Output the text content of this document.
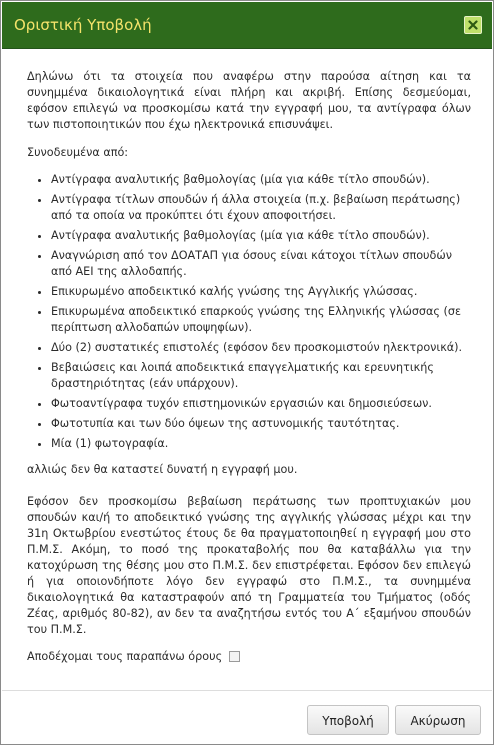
Οριστική Υποβολή

Δηλώνω ότι τα στοιχεία που αναφέρω στην παρούσα αίτηση και τα συνημμένα δικαιολογητικά είναι πλήρη και ακριβή. Επίσης δεσμεύομαι, εφόσον επιλεγώ να προσκομίσω κατά την εγγραφή μου, τα αντίγραφα όλων των πιστοποιητικών που έχω ηλεκτρονικά επισυνάψει.

Συνοδευμένα από:

• Αντίγραφα αναλυτικής βαθμολογίας (μία για κάθε τίτλο σπουδών).
• Αντίγραφα τίτλων σπουδών ή άλλα στοιχεία (π.χ. βεβαίωση περάτωσης) από τα οποία να προκύπτει ότι έχουν αποφοιτήσει.
• Αντίγραφα αναλυτικής βαθμολογίας (μία για κάθε τίτλο σπουδών).
• Αναγνώριση από τον ΔΟΑΤΑΠ για όσους είναι κάτοχοι τίτλων σπουδών από ΑΕΙ της αλλοδαπής.
• Επικυρωμένο αποδεικτικό καλής γνώσης της Αγγλικής γλώσσας.
• Επικυρωμένα αποδεικτικό επαρκούς γνώσης της Ελληνικής γλώσσας (σε περίπτωση αλλοδαπών υποψηφίων).
• Δύο (2) συστατικές επιστολές (εφόσον δεν προσκομιστούν ηλεκτρονικά).
• Βεβαιώσεις και λοιπά αποδεικτικά επαγγελματικής και ερευνητικής δραστηριότητας (εάν υπάρχουν).
• Φωτοαντίγραφα τυχόν επιστημονικών εργασιών και δημοσιεύσεων.
• Φωτοτυπία και των δύο όψεων της αστυνομικής ταυτότητας.
• Μία (1) φωτογραφία.

αλλιώς δεν θα καταστεί δυνατή η εγγραφή μου.

Εφόσον δεν προσκομίσω βεβαίωση περάτωσης των προπτυχιακών μου σπουδών και/ή το αποδεικτικό γνώσης της αγγλικής γλώσσας μέχρι και την 31η Οκτωβρίου ενεστώτος έτους δε θα πραγματοποιηθεί η εγγραφή μου στο Π.Μ.Σ. Ακόμη, το ποσό της προκαταβολής που θα καταβάλλω για την κατοχύρωση της θέσης μου στο Π.Μ.Σ. δεν επιστρέφεται. Εφόσον δεν επιλεγώ ή για οποιονδήποτε λόγο δεν εγγραφώ στο Π.Μ.Σ., τα συνημμένα δικαιολογητικά θα καταστραφούν από τη Γραμματεία του Τμήματος (οδός Ζέας, αριθμός 80-82), αν δεν τα αναζητήσω εντός του Α΄ εξαμήνου σπουδών του Π.Μ.Σ.

Αποδέχομαι τους παραπάνω όρους
Υποβολή	Ακύρωση
